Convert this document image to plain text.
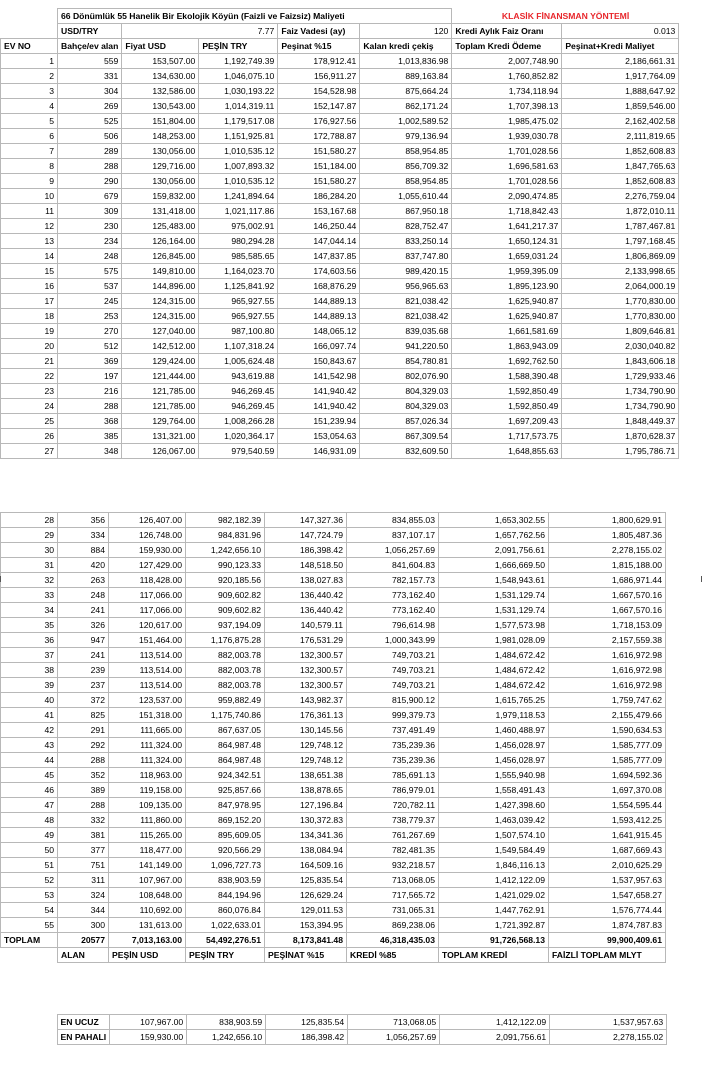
	66 Dönümlük 55 Hanelik Bir Ekolojik Köyün (Faizli ve Faizsiz) Maliyeti					KLASİK FİNANSMAN YÖNTEMİ	
	USD/TRY	7.77		Faiz Vadesi (ay)	120	Kredi Aylık Faiz Oranı	0.013
EV NO	Bahçe/ev alan	Fiyat USD	PEŞİN TRY	Peşinat %15	Kalan kredi çekiş	Toplam Kredi Ödeme	Peşinat+Kredi Maliyet
1	559	153,507.00	1,192,749.39	178,912.41	1,013,836.98	2,007,748.90	2,186,661.31
2	331	134,630.00	1,046,075.10	156,911.27	889,163.84	1,760,852.82	1,917,764.09
3	304	132,586.00	1,030,193.22	154,528.98	875,664.24	1,734,118.94	1,888,647.92
4	269	130,543.00	1,014,319.11	152,147.87	862,171.24	1,707,398.13	1,859,546.00
5	525	151,804.00	1,179,517.08	176,927.56	1,002,589.52	1,985,475.02	2,162,402.58
6	506	148,253.00	1,151,925.81	172,788.87	979,136.94	1,939,030.78	2,111,819.65
7	289	130,056.00	1,010,535.12	151,580.27	858,954.85	1,701,028.56	1,852,608.83
8	288	129,716.00	1,007,893.32	151,184.00	856,709.32	1,696,581.63	1,847,765.63
9	290	130,056.00	1,010,535.12	151,580.27	858,954.85	1,701,028.56	1,852,608.83
10	679	159,832.00	1,241,894.64	186,284.20	1,055,610.44	2,090,474.85	2,276,759.04
11	309	131,418.00	1,021,117.86	153,167.68	867,950.18	1,718,842.43	1,872,010.11
12	230	125,483.00	975,002.91	146,250.44	828,752.47	1,641,217.37	1,787,467.81
13	234	126,164.00	980,294.28	147,044.14	833,250.14	1,650,124.31	1,797,168.45
14	248	126,845.00	985,585.65	147,837.85	837,747.80	1,659,031.24	1,806,869.09
15	575	149,810.00	1,164,023.70	174,603.56	989,420.15	1,959,395.09	2,133,998.65
16	537	144,896.00	1,125,841.92	168,876.29	956,965.63	1,895,123.90	2,064,000.19
17	245	124,315.00	965,927.55	144,889.13	821,038.42	1,625,940.87	1,770,830.00
18	253	124,315.00	965,927.55	144,889.13	821,038.42	1,625,940.87	1,770,830.00
19	270	127,040.00	987,100.80	148,065.12	839,035.68	1,661,581.69	1,809,646.81
20	512	142,512.00	1,107,318.24	166,097.74	941,220.50	1,863,943.09	2,030,040.82
21	369	129,424.00	1,005,624.48	150,843.67	854,780.81	1,692,762.50	1,843,606.18
22	197	121,444.00	943,619.88	141,542.98	802,076.90	1,588,390.48	1,729,933.46
23	216	121,785.00	946,269.45	141,940.42	804,329.03	1,592,850.49	1,734,790.90
24	288	121,785.00	946,269.45	141,940.42	804,329.03	1,592,850.49	1,734,790.90
25	368	129,764.00	1,008,266.28	151,239.94	857,026.34	1,697,209.43	1,848,449.37
26	385	131,321.00	1,020,364.17	153,054.63	867,309.54	1,717,573.75	1,870,628.37
27	348	126,067.00	979,540.59	146,931.09	832,609.50	1,648,855.63	1,795,786.71
28	356	126,407.00	982,182.39	147,327.36	834,855.03	1,653,302.55	1,800,629.91
29	334	126,748.00	984,831.96	147,724.79	837,107.17	1,657,762.56	1,805,487.36
30	884	159,930.00	1,242,656.10	186,398.42	1,056,257.69	2,091,756.61	2,278,155.02
31	420	127,429.00	990,123.33	148,518.50	841,604.83	1,666,669.50	1,815,188.00
32	263	118,428.00	920,185.56	138,027.83	782,157.73	1,548,943.61	1,686,971.44
33	248	117,066.00	909,602.82	136,440.42	773,162.40	1,531,129.74	1,667,570.16
34	241	117,066.00	909,602.82	136,440.42	773,162.40	1,531,129.74	1,667,570.16
35	326	120,617.00	937,194.09	140,579.11	796,614.98	1,577,573.98	1,718,153.09
36	947	151,464.00	1,176,875.28	176,531.29	1,000,343.99	1,981,028.09	2,157,559.38
37	241	113,514.00	882,003.78	132,300.57	749,703.21	1,484,672.42	1,616,972.98
38	239	113,514.00	882,003.78	132,300.57	749,703.21	1,484,672.42	1,616,972.98
39	237	113,514.00	882,003.78	132,300.57	749,703.21	1,484,672.42	1,616,972.98
40	372	123,537.00	959,882.49	143,982.37	815,900.12	1,615,765.25	1,759,747.62
41	825	151,318.00	1,175,740.86	176,361.13	999,379.73	1,979,118.53	2,155,479.66
42	291	111,665.00	867,637.05	130,145.56	737,491.49	1,460,488.97	1,590,634.53
43	292	111,324.00	864,987.48	129,748.12	735,239.36	1,456,028.97	1,585,777.09
44	288	111,324.00	864,987.48	129,748.12	735,239.36	1,456,028.97	1,585,777.09
45	352	118,963.00	924,342.51	138,651.38	785,691.13	1,555,940.98	1,694,592.36
46	389	119,158.00	925,857.66	138,878.65	786,979.01	1,558,491.43	1,697,370.08
47	288	109,135.00	847,978.95	127,196.84	720,782.11	1,427,398.60	1,554,595.44
48	332	111,860.00	869,152.20	130,372.83	738,779.37	1,463,039.42	1,593,412.25
49	381	115,265.00	895,609.05	134,341.36	761,267.69	1,507,574.10	1,641,915.45
50	377	118,477.00	920,566.29	138,084.94	782,481.35	1,549,584.49	1,687,669.43
51	751	141,149.00	1,096,727.73	164,509.16	932,218.57	1,846,116.13	2,010,625.29
52	311	107,967.00	838,903.59	125,835.54	713,068.05	1,412,122.09	1,537,957.63
53	324	108,648.00	844,194.96	126,629.24	717,565.72	1,421,029.02	1,547,658.27
54	344	110,692.00	860,076.84	129,011.53	731,065.31	1,447,762.91	1,576,774.44
55	300	131,613.00	1,022,633.01	153,394.95	869,238.06	1,721,392.87	1,874,787.83
TOPLAM	20577	7,013,163.00	54,492,276.51	8,173,841.48	46,318,435.03	91,726,568.13	99,900,409.61
	ALAN	PEŞİN USD	PEŞİN TRY	PEŞİNAT %15	KREDİ %85	TOPLAM KREDİ	FAİZLİ TOPLAM MLYT
	EN UCUZ	107,967.00	838,903.59	125,835.54	713,068.05	1,412,122.09	1,537,957.63
	EN PAHALI	159,930.00	1,242,656.10	186,398.42	1,056,257.69	2,091,756.61	2,278,155.02
